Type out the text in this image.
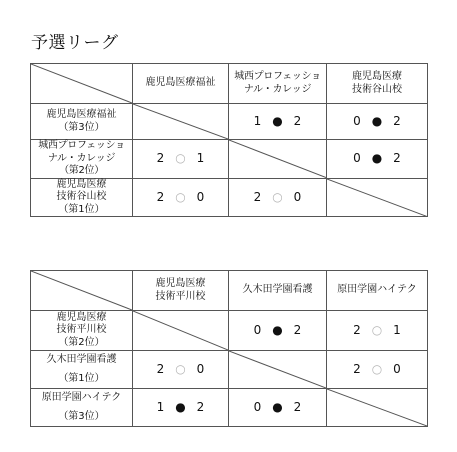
予選リーグ

鹿児島医療福祉	城西プロフェッショ
ナル・カレッジ	鹿児島医療
技術谷山校

鹿児島医療福祉
（第3位）		1 ● 2	0 ● 2

城西プロフェッショ
ナル・カレッジ
（第2位）	2 ○ 1		0 ● 2

鹿児島医療
技術谷山校
（第1位）	2 ○ 0	2 ○ 0

鹿児島医療
技術平川校	久木田学園看護	原田学園ハイテク

鹿児島医療
技術平川校
（第2位）		0 ● 2	2 ○ 1

久木田学園看護
（第1位）	2 ○ 0		2 ○ 0

原田学園ハイテク
（第3位）	1 ● 2	0 ● 2
